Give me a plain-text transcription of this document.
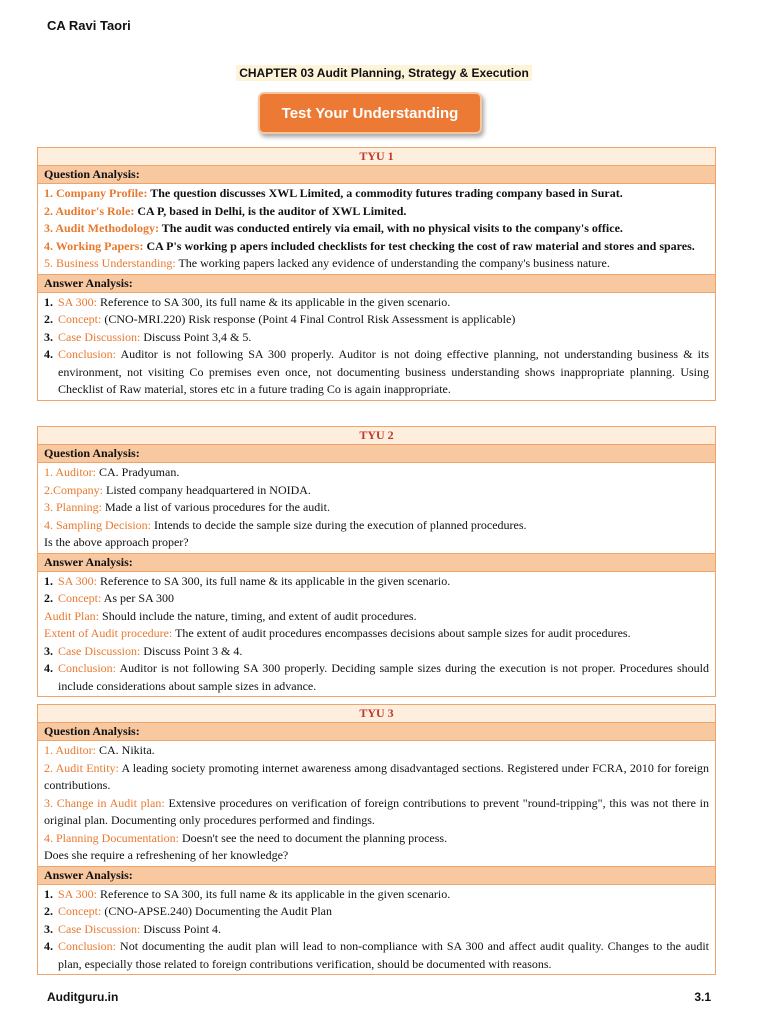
CA Ravi Taori
CHAPTER 03 Audit Planning, Strategy & Execution
Test Your Understanding
TYU 1
Question Analysis:

1. Company Profile: The question discusses XWL Limited, a commodity futures trading company based in Surat.

2. Auditor's Role: CA P, based in Delhi, is the auditor of XWL Limited.

3. Audit Methodology: The audit was conducted entirely via email, with no physical visits to the company's office.

4. Working Papers: CA P's working p apers included checklists for test checking the cost of raw material and stores and spares.

5. Business Understanding: The working papers lacked any evidence of understanding the company's business nature.

Answer Analysis:
1. SA 300: Reference to SA 300, its full name & its applicable in the given scenario.
2. Concept: (CNO-MRI.220) Risk response (Point 4 Final Control Risk Assessment is applicable)
3. Case Discussion: Discuss Point 3,4 & 5.
4. Conclusion: Auditor is not following SA 300 properly. Auditor is not doing effective planning, not understanding business & its environment, not visiting Co premises even once, not documenting business understanding shows inappropriate planning. Using Checklist of Raw material, stores etc in a future trading Co is again inappropriate.
TYU 2
Question Analysis:

1. Auditor: CA. Pradyuman.

2.Company: Listed company headquartered in NOIDA.

3. Planning: Made a list of various procedures for the audit.

4. Sampling Decision: Intends to decide the sample size during the execution of planned procedures.

Is the above approach proper?

Answer Analysis:
1. SA 300: Reference to SA 300, its full name & its applicable in the given scenario.
2. Concept: As per SA 300

Audit Plan: Should include the nature, timing, and extent of audit procedures.

Extent of Audit procedure: The extent of audit procedures encompasses decisions about sample sizes for audit procedures.

3. Case Discussion: Discuss Point 3 & 4.
4. Conclusion: Auditor is not following SA 300 properly. Deciding sample sizes during the execution is not proper. Procedures should include considerations about sample sizes in advance.
TYU 3
Question Analysis:

1. Auditor: CA. Nikita.

2. Audit Entity: A leading society promoting internet awareness among disadvantaged sections. Registered under FCRA, 2010 for foreign contributions.

3. Change in Audit plan: Extensive procedures on verification of foreign contributions to prevent "round-tripping", this was not there in original plan. Documenting only procedures performed and findings.

4. Planning Documentation: Doesn't see the need to document the planning process.

Does she require a refreshening of her knowledge?

Answer Analysis:
1. SA 300: Reference to SA 300, its full name & its applicable in the given scenario.
2. Concept: (CNO-APSE.240) Documenting the Audit Plan
3. Case Discussion: Discuss Point 4.
4. Conclusion: Not documenting the audit plan will lead to non-compliance with SA 300 and affect audit quality. Changes to the audit plan, especially those related to foreign contributions verification, should be documented with reasons.
Auditguru.in	3.1
